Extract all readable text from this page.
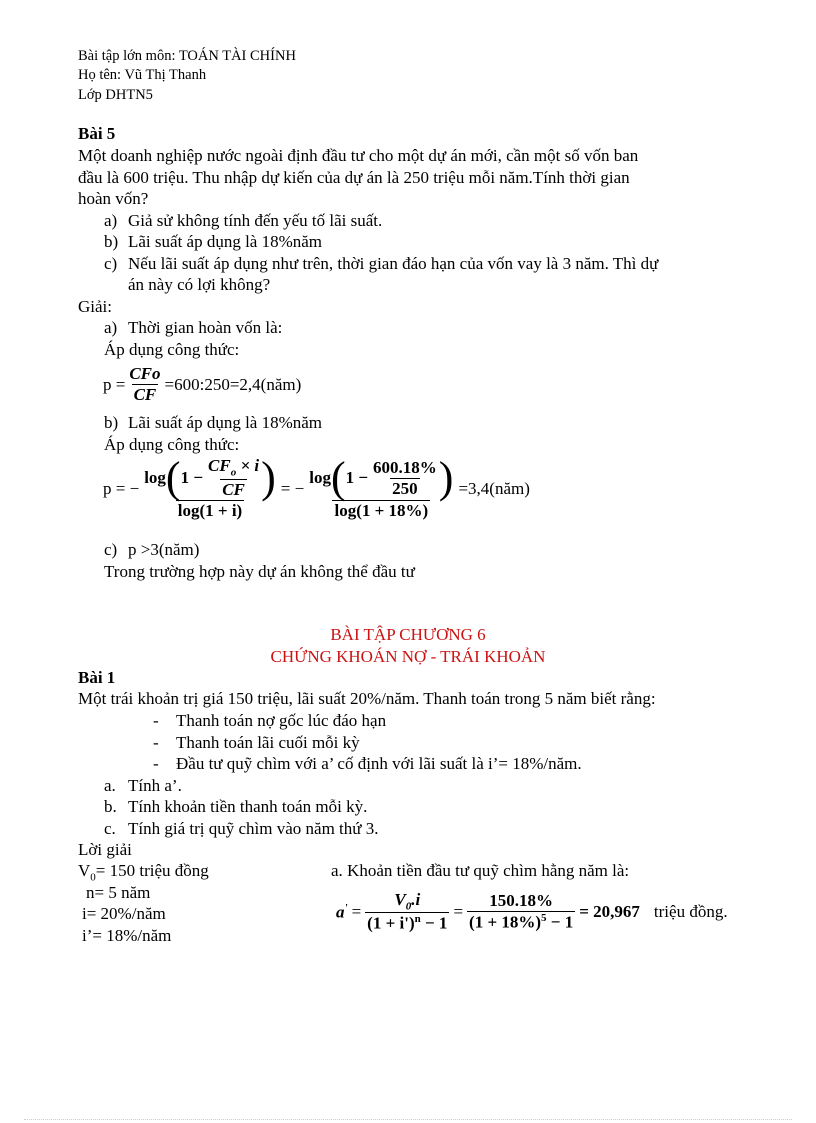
Bài tập lớn môn: TOÁN TÀI CHÍNH
Họ tên: Vũ Thị Thanh
Lớp DHTN5
Bài 5
Một doanh nghiệp nước ngoài định đầu tư cho một dự án mới, cần một số vốn ban
đầu là 600 triệu. Thu nhập dự kiến của dự án là 250 triệu mỗi năm.Tính thời gian
hoàn vốn?
a) Giả sử không tính đến yếu tố lãi suất.
b) Lãi suất áp dụng là 18%năm
c) Nếu lãi suất áp dụng như trên, thời gian đáo hạn của vốn vay là 3 năm. Thì dự
án này có lợi không?
Giải:
a) Thời gian hoàn vốn là:
Áp dụng công thức:
$p = \frac{\text{CFo}}{CF}$ =600:250=2,4(năm)
b) Lãi suất áp dụng là 18%năm
Áp dụng công thức:
p = −
log ( $1 - \frac{CF_o \times i}{CF}$ )
log(1 + i)
= −
log ( $1 - \frac{600.18\%}{250}$ )
log(1 + 18%)
=3,4(năm)
c) p >3(năm)
Trong trường hợp này dự án không thể đầu tư
BÀI TẬP CHƯƠNG 6
CHỨNG KHOÁN NỢ - TRÁI KHOẢN
Bài 1
Một trái khoản trị giá 150 triệu, lãi suất 20%/năm. Thanh toán trong 5 năm biết rằng:
- Thanh toán nợ gốc lúc đáo hạn
- Thanh toán lãi cuối mỗi kỳ
- Đầu tư quỹ chìm với a’ cố định với lãi suất là i’= 18%/năm.
a. Tính a’.
b. Tính khoản tiền thanh toán mỗi kỳ.
c. Tính giá trị quỹ chìm vào năm thứ 3.
Lời giải
$V_0= 150$ triệu đồng
n= 5 năm
i= 20%/năm
i’= 18%/năm
a. Khoản tiền đầu tư quỹ chìm hằng năm là:
$a' = \frac{V_0.i}{(1 + i')^n - 1} = \frac{150.18\%}{(1 + 18\%)^5 - 1} = 20,967$ triệu đồng.
